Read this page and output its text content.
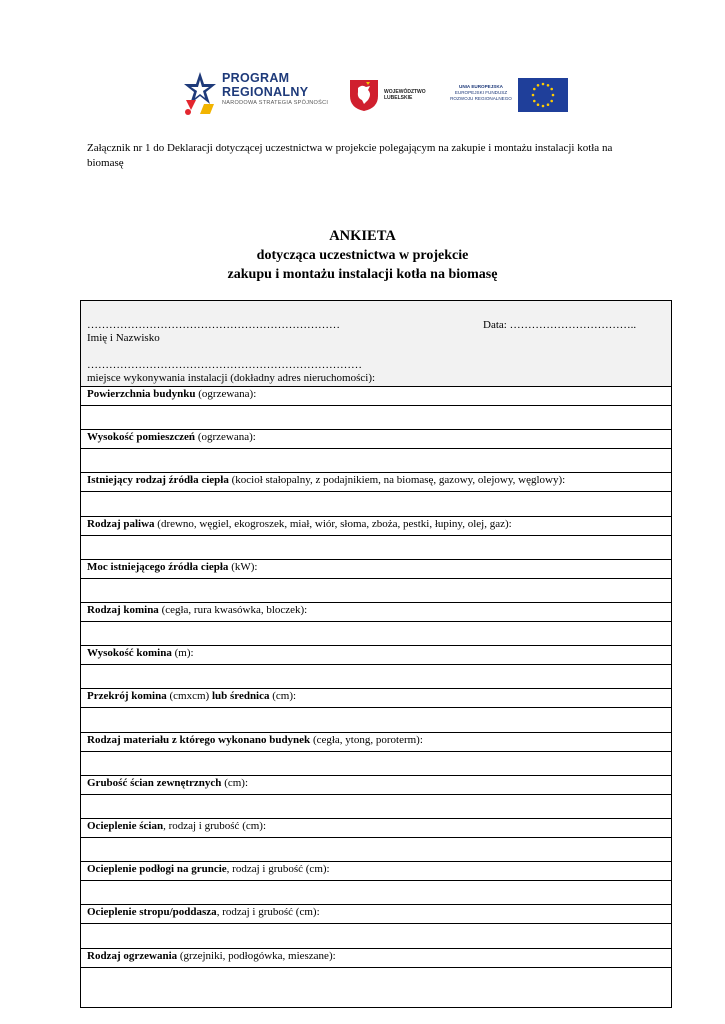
PROGRAM
REGIONALNY
NARODOWA STRATEGIA SPÓJNOŚCI
WOJEWÓDZTWO
LUBELSKIE
UNIA EUROPEJSKA
EUROPEJSKI FUNDUSZ
ROZWOJU REGIONALNEGO
Załącznik nr 1 do Deklaracji dotyczącej uczestnictwa w projekcie polegającym na zakupie i montażu instalacji kotła na biomasę
ANKIETA
dotycząca uczestnictwa w projekcie
zakupu i montażu instalacji kotła na biomasę
……………………………………………………………
Imię i Nazwisko
Data: ……………………………..
…………………………………………………………………
miejsce wykonywania instalacji (dokładny adres nieruchomości):
Powierzchnia budynku (ogrzewana):
Wysokość pomieszczeń (ogrzewana):
Istniejący rodzaj źródła ciepła (kocioł stałopalny, z podajnikiem, na biomasę, gazowy, olejowy, węglowy):
Rodzaj paliwa (drewno, węgiel, ekogroszek, miał, wiór, słoma, zboża, pestki, łupiny, olej, gaz):
Moc istniejącego źródła ciepła (kW):
Rodzaj komina (cegła, rura kwasówka, bloczek):
Wysokość komina (m):
Przekrój komina (cmxcm) lub średnica (cm):
Rodzaj materiału z którego wykonano budynek (cegła, ytong, poroterm):
Grubość ścian zewnętrznych (cm):
Ocieplenie ścian, rodzaj i grubość (cm):
Ocieplenie podłogi na gruncie, rodzaj i grubość (cm):
Ocieplenie stropu/poddasza, rodzaj i grubość (cm):
Rodzaj ogrzewania (grzejniki, podłogówka, mieszane):
